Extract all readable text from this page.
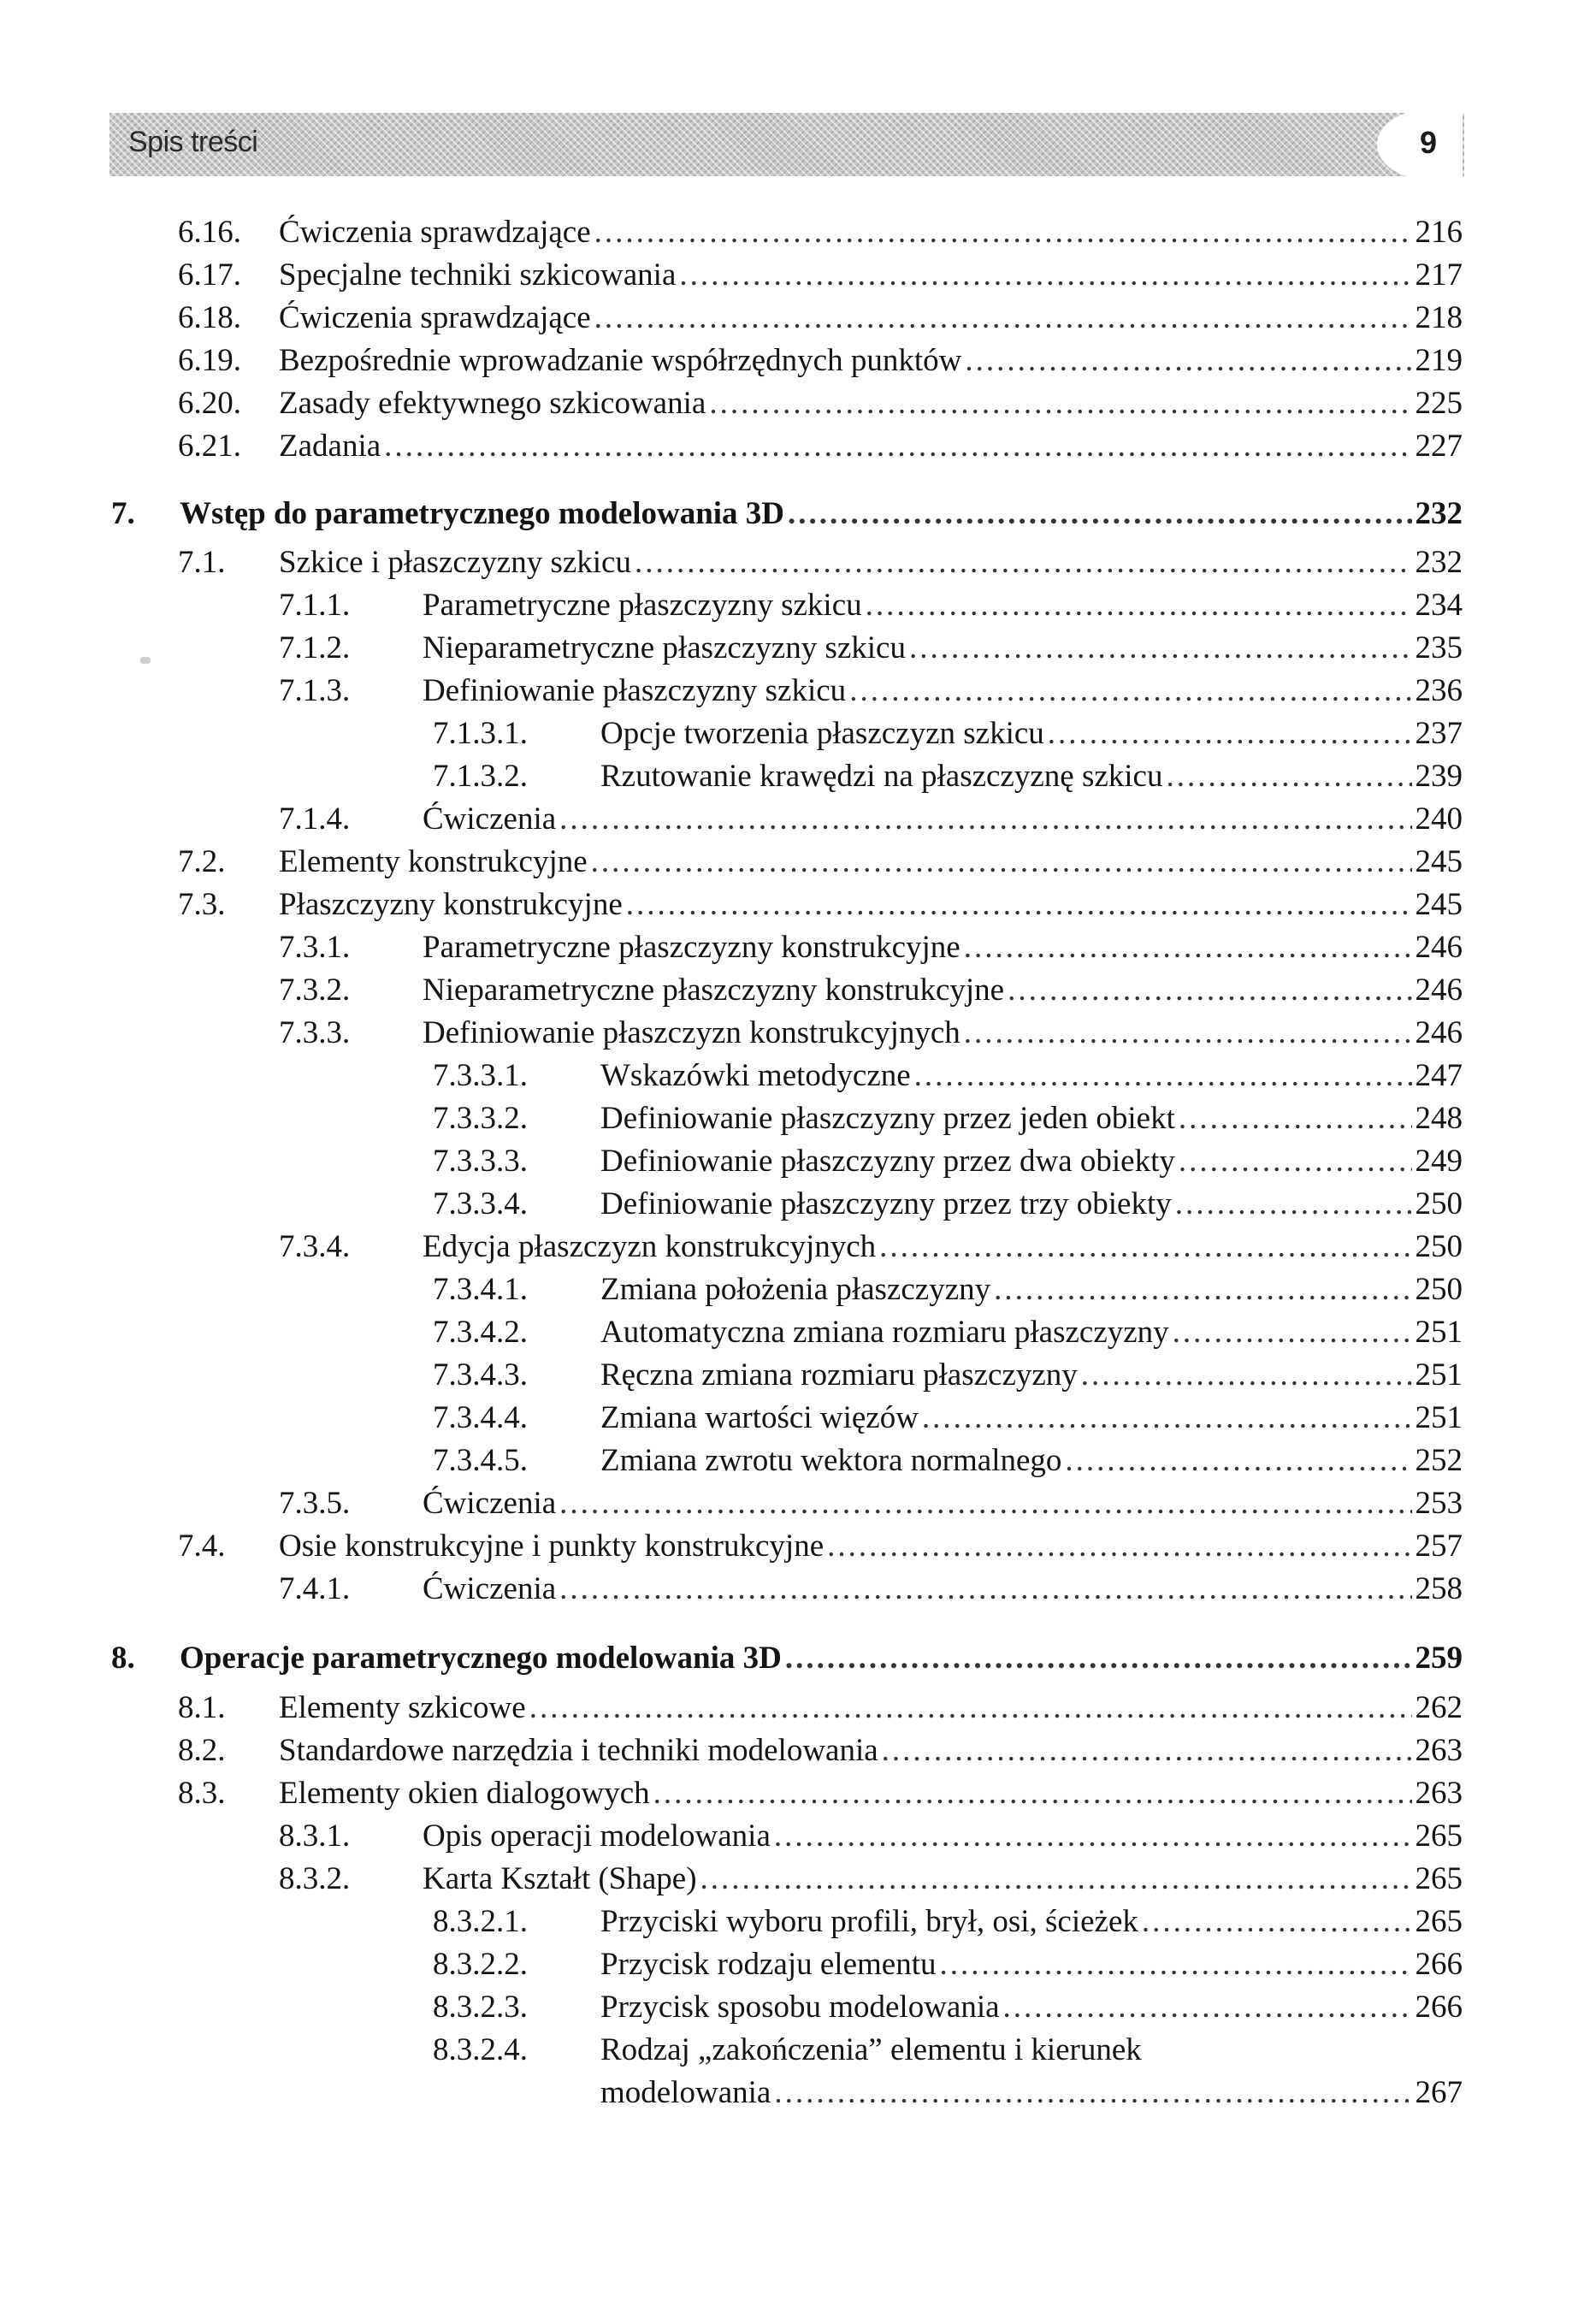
Spis treści	9
6.16. Ćwiczenia sprawdzające .....	216
6.17. Specjalne techniki szkicowania .....	217
6.18. Ćwiczenia sprawdzające .....	218
6.19. Bezpośrednie wprowadzanie współrzędnych punktów .....	219
6.20. Zasady efektywnego szkicowania .....	225
6.21. Zadania .....	227
7. Wstęp do parametrycznego modelowania 3D .....	232
7.1. Szkice i płaszczyzny szkicu .....	232
7.1.1. Parametryczne płaszczyzny szkicu .....	234
7.1.2. Nieparametryczne płaszczyzny szkicu .....	235
7.1.3. Definiowanie płaszczyzny szkicu .....	236
7.1.3.1. Opcje tworzenia płaszczyzn szkicu .....	237
7.1.3.2. Rzutowanie krawędzi na płaszczyznę szkicu .....	239
7.1.4. Ćwiczenia .....	240
7.2. Elementy konstrukcyjne .....	245
7.3. Płaszczyzny konstrukcyjne .....	245
7.3.1. Parametryczne płaszczyzny konstrukcyjne .....	246
7.3.2. Nieparametryczne płaszczyzny konstrukcyjne .....	246
7.3.3. Definiowanie płaszczyzn konstrukcyjnych .....	246
7.3.3.1. Wskazówki metodyczne .....	247
7.3.3.2. Definiowanie płaszczyzny przez jeden obiekt .....	248
7.3.3.3. Definiowanie płaszczyzny przez dwa obiekty .....	249
7.3.3.4. Definiowanie płaszczyzny przez trzy obiekty .....	250
7.3.4. Edycja płaszczyzn konstrukcyjnych .....	250
7.3.4.1. Zmiana położenia płaszczyzny .....	250
7.3.4.2. Automatyczna zmiana rozmiaru płaszczyzny .....	251
7.3.4.3. Ręczna zmiana rozmiaru płaszczyzny .....	251
7.3.4.4. Zmiana wartości więzów .....	251
7.3.4.5. Zmiana zwrotu wektora normalnego .....	252
7.3.5. Ćwiczenia .....	253
7.4. Osie konstrukcyjne i punkty konstrukcyjne .....	257
7.4.1. Ćwiczenia .....	258
8. Operacje parametrycznego modelowania 3D .....	259
8.1. Elementy szkicowe .....	262
8.2. Standardowe narzędzia i techniki modelowania .....	263
8.3. Elementy okien dialogowych .....	263
8.3.1. Opis operacji modelowania .....	265
8.3.2. Karta Kształt (Shape) .....	265
8.3.2.1. Przyciski wyboru profili, brył, osi, ścieżek .....	265
8.3.2.2. Przycisk rodzaju elementu .....	266
8.3.2.3. Przycisk sposobu modelowania .....	266
8.3.2.4. Rodzaj „zakończenia” elementu i kierunek
modelowania .....	267
